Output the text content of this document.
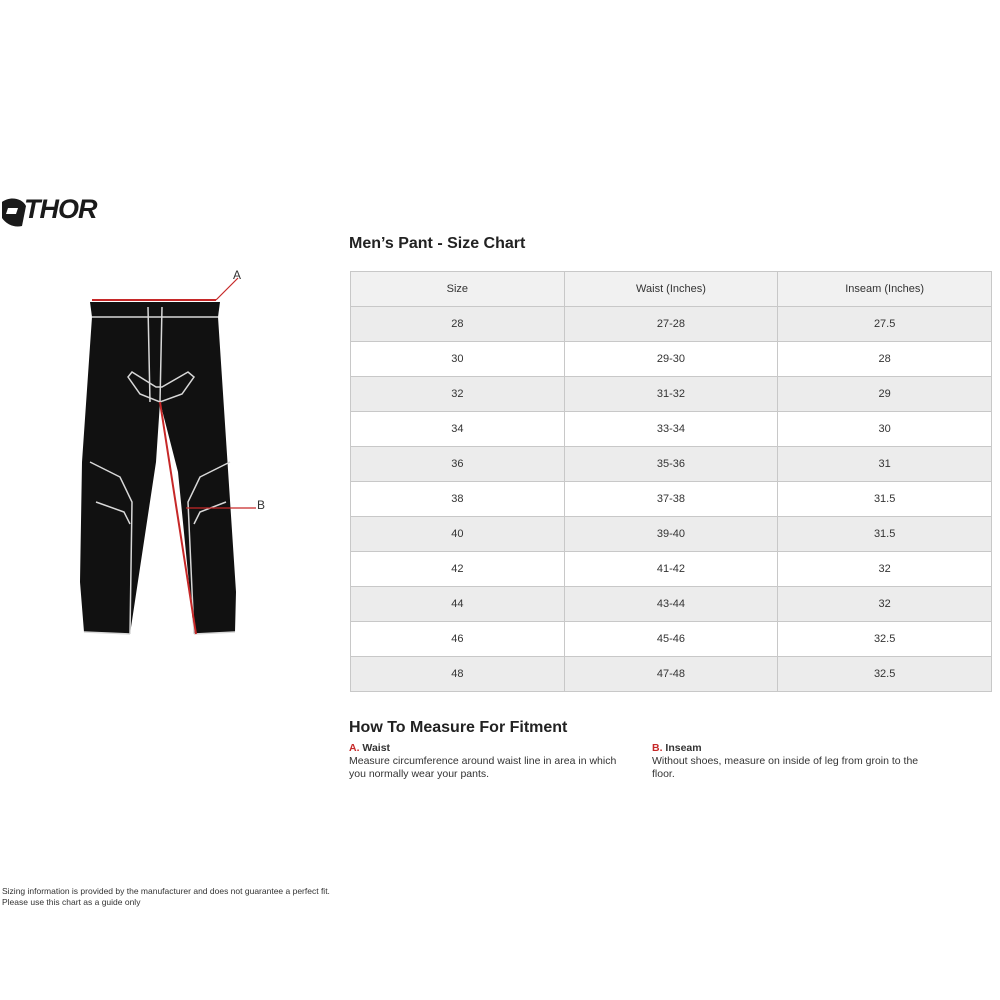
THOR
A
B
Men’s Pant - Size Chart
Size	Waist (Inches)	Inseam (Inches)
28	27-28	27.5
30	29-30	28
32	31-32	29
34	33-34	30
36	35-36	31
38	37-38	31.5
40	39-40	31.5
42	41-42	32
44	43-44	32
46	45-46	32.5
48	47-48	32.5
How To Measure For Fitment
A. Waist
Measure circumference around waist line in area in which you normally wear your pants.
B. Inseam
Without shoes, measure on inside of leg from groin to the floor.
Sizing information is provided by the manufacturer and does not guarantee a perfect fit.
Please use this chart as a guide only
